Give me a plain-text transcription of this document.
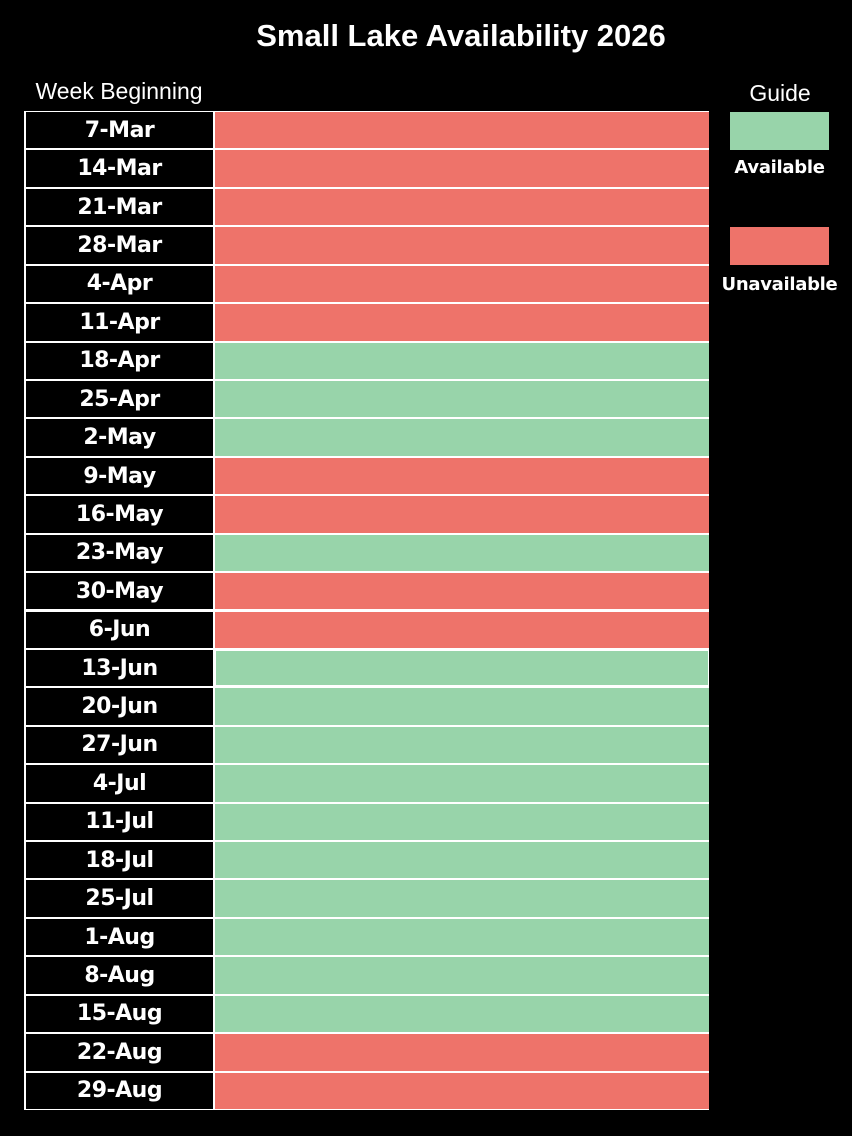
Small Lake Availability 2026
Week Beginning	Guide
Available
Unavailable
7-Mar
14-Mar
21-Mar
28-Mar
4-Apr
11-Apr
18-Apr
25-Apr
2-May
9-May
16-May
23-May
30-May
6-Jun
13-Jun
20-Jun
27-Jun
4-Jul
11-Jul
18-Jul
25-Jul
1-Aug
8-Aug
15-Aug
22-Aug
29-Aug
